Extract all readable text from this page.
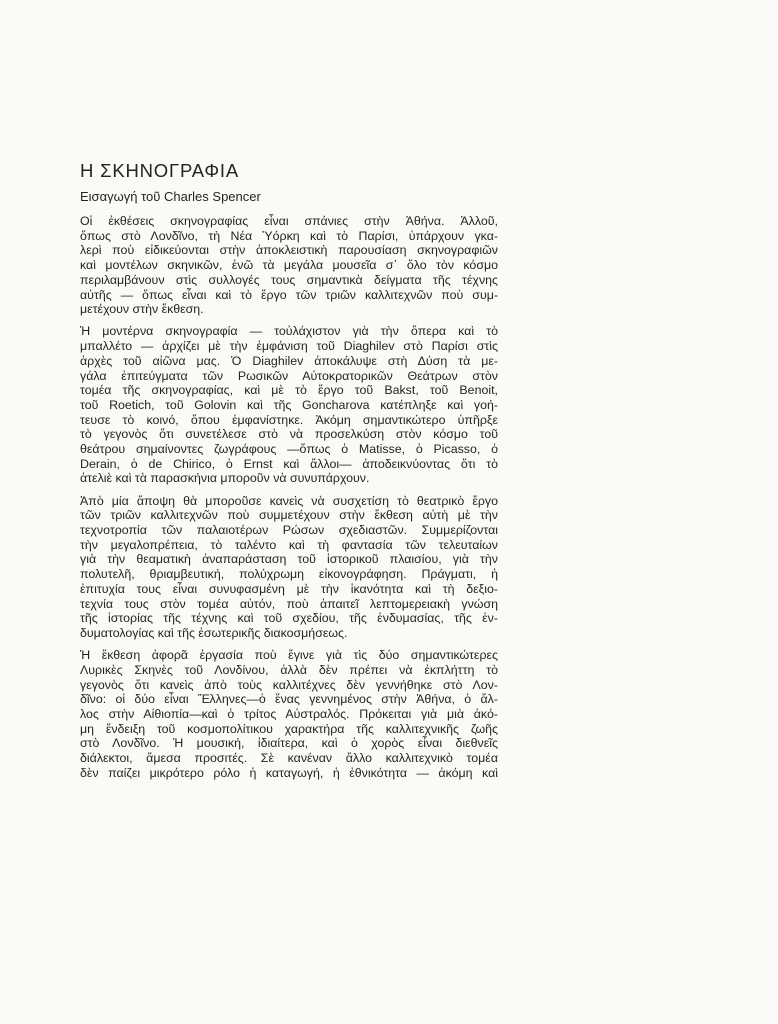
Η ΣΚΗΝΟΓΡΑΦΙΑ
Εισαγωγή τοῦ Charles Spencer
Οἱ ἐκθέσεις σκηνογραφίας εἶναι σπάνιες στὴν Ἀθήνα. Ἀλλοῦ,
ὅπως στὸ Λονδῖνο, τὴ Νέα Ὑόρκη καὶ τὸ Παρίσι, ὑπάρχουν γκα-
λερὶ ποὺ εἰδικεύονται στὴν ἀποκλειστικὴ παρουσίαση σκηνογραφιῶν
καὶ μοντέλων σκηνικῶν, ἐνῶ τὰ μεγάλα μουσεῖα σ᾽ ὅλο τὸν κόσμο
περιλαμβάνουν στὶς συλλογές τους σημαντικὰ δείγματα τῆς τέχνης
αὐτῆς — ὅπως εἶναι καὶ τὸ ἔργο τῶν τριῶν καλλιτεχνῶν ποὺ συμ-
μετέχουν στὴν ἔκθεση.
Ἡ μοντέρνα σκηνογραφία — τοὐλάχιστον γιὰ τὴν ὅπερα καὶ τὸ
μπαλλέτο — ἀρχίζει μὲ τὴν ἐμφάνιση τοῦ Diaghilev στὸ Παρίσι στὶς
ἀρχὲς τοῦ αἰῶνα μας. Ὁ Diaghilev ἀποκάλυψε στὴ Δύση τὰ με-
γάλα ἐπιτεύγματα τῶν Ρωσικῶν Αὐτοκρατορικῶν Θεάτρων στὸν
τομέα τῆς σκηνογραφίας, καὶ μὲ τὸ ἔργο τοῦ Bakst, τοῦ Benoit,
τοῦ Roetich, τοῦ Golovin καὶ τῆς Goncharova κατέπληξε καὶ γοή-
τευσε τὸ κοινό, ὅπου ἐμφανίστηκε. Ἀκόμη σημαντικώτερο ὑπῆρξε
τὸ γεγονὸς ὅτι συνετέλεσε στὸ νὰ προσελκύση στὸν κόσμο τοῦ
θεάτρου σημαίνοντες ζωγράφους —ὅπως ὁ Matisse, ὁ Picasso, ὁ
Derain, ὁ de Chirico, ὁ Ernst καὶ ἄλλοι— ἀποδεικνύοντας ὅτι τὸ
ἀτελιὲ καὶ τὰ παρασκήνια μποροῦν νὰ συνυπάρχουν.
Ἀπὸ μία ἄποψη θὰ μποροῦσε κανεὶς νὰ συσχετίση τὸ θεατρικὸ ἔργο
τῶν τριῶν καλλιτεχνῶν ποὺ συμμετέχουν στὴν ἔκθεση αὐτὴ μὲ τὴν
τεχνοτροπία τῶν παλαιοτέρων Ρώσων σχεδιαστῶν. Συμμερίζονται
τὴν μεγαλοπρέπεια, τὸ ταλέντο καὶ τὴ φαντασία τῶν τελευταίων
γιὰ τὴν θεαματικὴ ἀναπαράσταση τοῦ ἱστορικοῦ πλαισίου, γιὰ τὴν
πολυτελῆ, θριαμβευτική, πολύχρωμη εἰκονογράφηση. Πράγματι, ἡ
ἐπιτυχία τους εἶναι συνυφασμένη μὲ τὴν ἱκανότητα καὶ τὴ δεξιο-
τεχνία τους στὸν τομέα αὐτόν, ποὺ ἀπαιτεῖ λεπτομερειακὴ γνώση
τῆς ἱστορίας τῆς τέχνης καὶ τοῦ σχεδίου, τῆς ἐνδυμασίας, τῆς ἐν-
δυματολογίας καὶ τῆς ἐσωτερικῆς διακοσμήσεως.
Ἡ ἔκθεση ἀφορᾶ ἐργασία ποὺ ἔγινε γιὰ τὶς δύο σημαντικώτερες
Λυρικὲς Σκηνὲς τοῦ Λονδίνου, ἀλλὰ δὲν πρέπει νὰ ἐκπλήττη τὸ
γεγονὸς ὅτι κανεὶς ἀπὸ τοὺς καλλιτέχνες δὲν γεννήθηκε στὸ Λον-
δῖνο: οἱ δύο εἶναι Ἕλληνες—ὁ ἕνας γεννημένος στὴν Ἀθήνα, ὁ ἄλ-
λος στὴν Αἰθιοπία—καὶ ὁ τρίτος Αὐστραλός. Πρόκειται γιὰ μιὰ ἀκό-
μη ἔνδειξη τοῦ κοσμοπολίτικου χαρακτήρα τῆς καλλιτεχνικῆς ζωῆς
στὸ Λονδῖνο. Ἡ μουσική, ἰδιαίτερα, καὶ ὁ χορὸς εἶναι διεθνεῖς
διάλεκτοι, ἄμεσα προσιτές. Σὲ κανέναν ἄλλο καλλιτεχνικὸ τομέα
δὲν παίζει μικρότερο ρόλο ἡ καταγωγή, ἡ ἐθνικότητα — ἀκόμη καὶ
